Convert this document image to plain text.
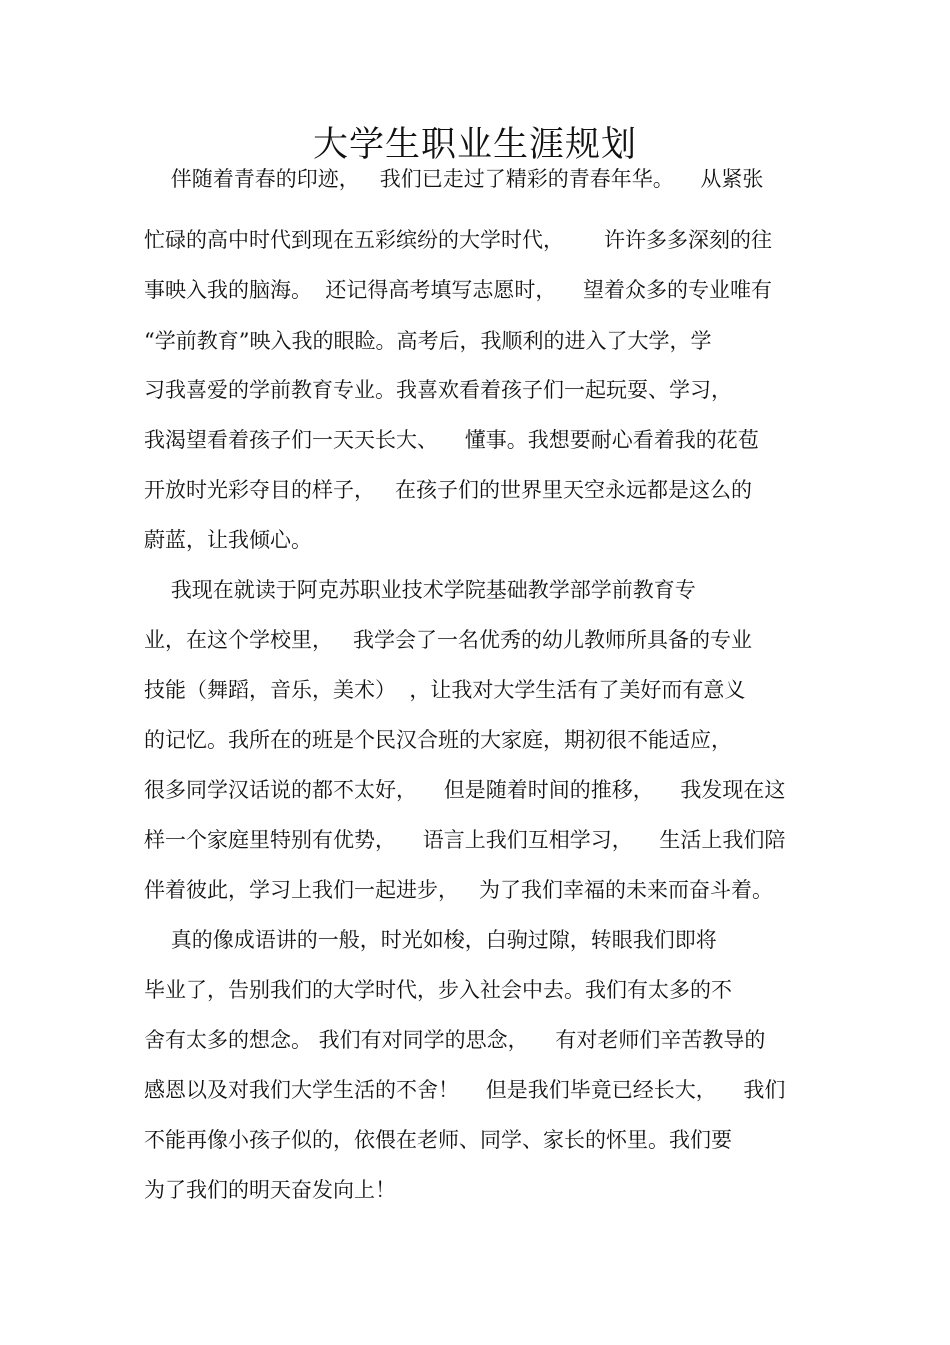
大学生职业生涯规划

伴随着青春的印迹，   我们已走过了精彩的青春年华。    从紧张

忙碌的高中时代到现在五彩缤纷的大学时代，      许许多多深刻的往

事映入我的脑海。  还记得高考填写志愿时，    望着众多的专业唯有

“学前教育”映入我的眼睑。高考后，我顺利的进入了大学，学

习我喜爱的学前教育专业。我喜欢看着孩子们一起玩耍、学习，

我渴望看着孩子们一天天长大、    懂事。我想要耐心看着我的花苞

开放时光彩夺目的样子，   在孩子们的世界里天空永远都是这么的

蔚蓝，让我倾心。

我现在就读于阿克苏职业技术学院基础教学部学前教育专

业，在这个学校里，   我学会了一名优秀的幼儿教师所具备的专业

技能（舞蹈，音乐，美术）  ，让我对大学生活有了美好而有意义

的记忆。我所在的班是个民汉合班的大家庭，期初很不能适应，

很多同学汉话说的都不太好，    但是随着时间的推移，    我发现在这

样一个家庭里特别有优势，    语言上我们互相学习，    生活上我们陪

伴着彼此，学习上我们一起进步，   为了我们幸福的未来而奋斗着。

真的像成语讲的一般，时光如梭，白驹过隙，转眼我们即将

毕业了，告别我们的大学时代，步入社会中去。我们有太多的不

舍有太多的想念。 我们有对同学的思念，    有对老师们辛苦教导的

感恩以及对我们大学生活的不舍！    但是我们毕竟已经长大，    我们

不能再像小孩子似的，依偎在老师、同学、家长的怀里。我们要

为了我们的明天奋发向上！
